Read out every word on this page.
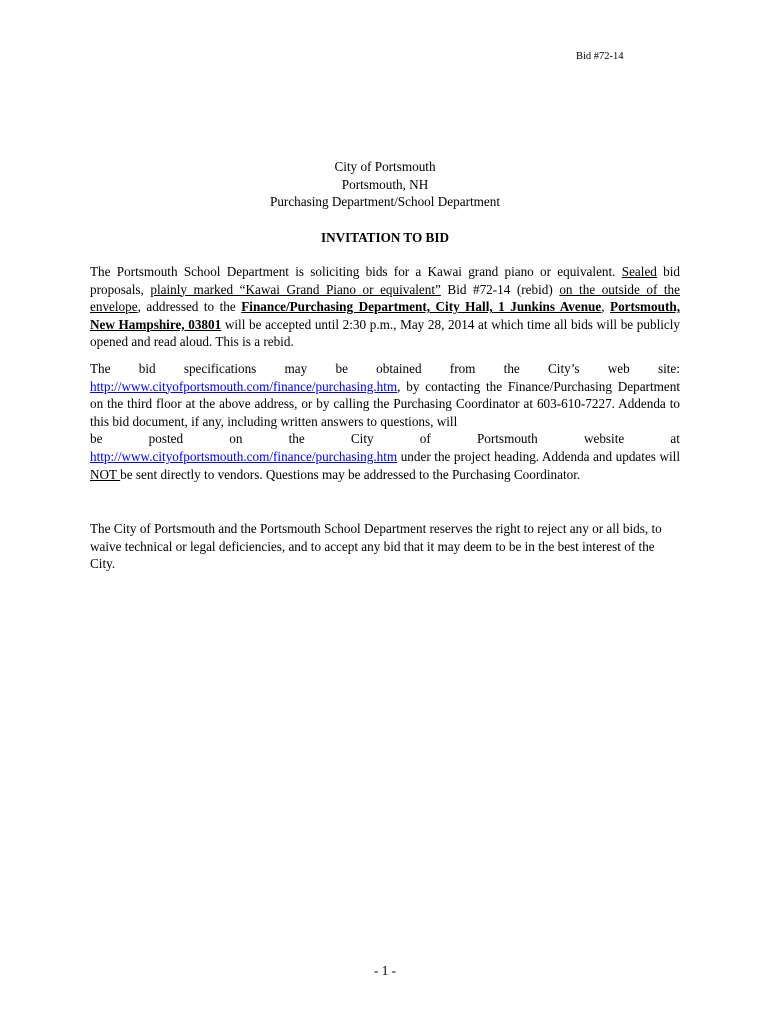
Bid #72-14
City of Portsmouth
Portsmouth, NH
Purchasing Department/School Department
INVITATION TO BID

The Portsmouth School Department is soliciting bids for a Kawai grand piano or equivalent. Sealed bid proposals, plainly marked “Kawai Grand Piano or equivalent” Bid #72-14 (rebid) on the outside of the envelope, addressed to the Finance/Purchasing Department, City Hall, 1 Junkins Avenue, Portsmouth, New Hampshire, 03801 will be accepted until 2:30 p.m., May 28, 2014 at which time all bids will be publicly opened and read aloud. This is a rebid.

The bid specifications may be obtained from the City’s web site:
http://www.cityofportsmouth.com/finance/purchasing.htm, by contacting the Finance/Purchasing Department on the third floor at the above address, or by calling the Purchasing Coordinator at 603-610-7227. Addenda to this bid document, if any, including written answers to questions, will
be	posted	on	the	City	of	Portsmouth	website	at
http://www.cityofportsmouth.com/finance/purchasing.htm under the project heading. Addenda and updates will NOT be sent directly to vendors. Questions may be addressed to the Purchasing Coordinator.

The City of Portsmouth and the Portsmouth School Department reserves the right to reject any or all bids, to waive technical or legal deficiencies, and to accept any bid that it may deem to be in the best interest of the City.

- 1 -
